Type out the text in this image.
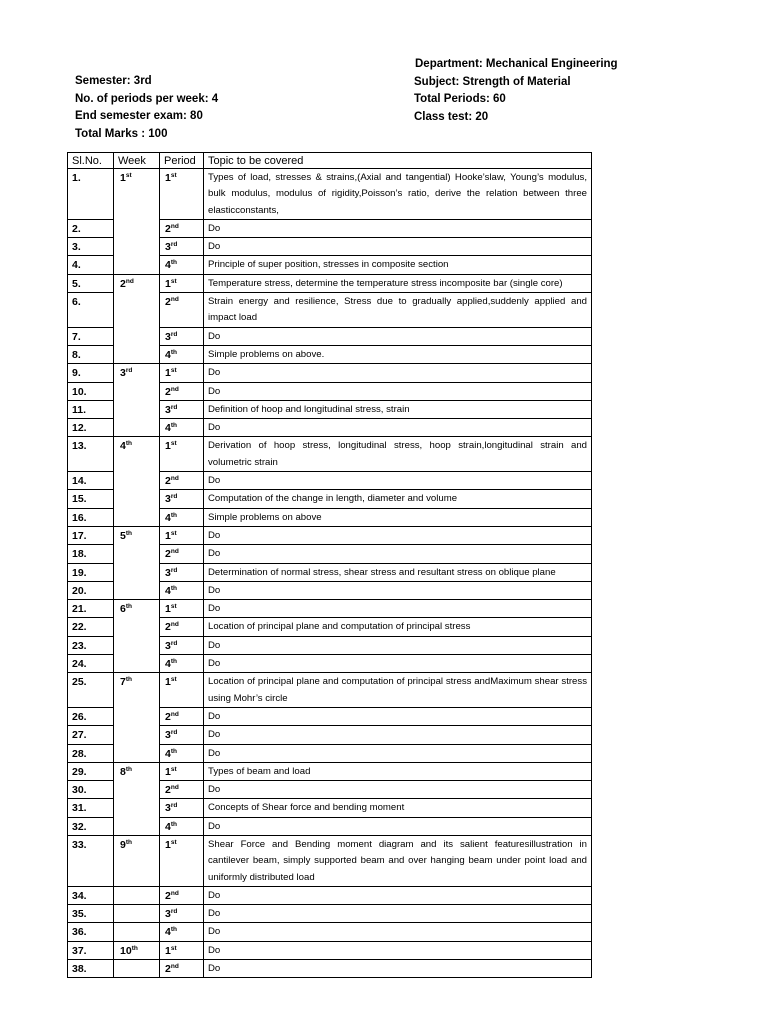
Department: Mechanical Engineering
Subject: Strength of Material
Total Periods: 60
Class test: 20
Semester: 3rd
No. of periods per week: 4
End semester exam: 80
Total Marks : 100
Sl.No.	Week	Period	Topic to be covered
1.	1st	1st	Types of load, stresses & strains,(Axial and tangential) Hooke’slaw, Young’s modulus, bulk modulus, modulus of rigidity,Poisson’s ratio, derive the relation between three elasticconstants,
2.		2nd	Do
3.		3rd	Do
4.		4th	Principle of super position, stresses in composite section
5.	2nd	1st	Temperature stress, determine the temperature stress incomposite bar (single core)
6.		2nd	Strain energy and resilience, Stress due to gradually applied,suddenly applied and impact load
7.		3rd	Do
8.		4th	Simple problems on above.
9.	3rd	1st	Do
10.		2nd	Do
11.		3rd	Definition of hoop and longitudinal stress, strain
12.		4th	Do
13.	4th	1st	Derivation of hoop stress, longitudinal stress, hoop strain,longitudinal strain and volumetric strain
14.		2nd	Do
15.		3rd	Computation of the change in length, diameter and volume
16.		4th	Simple problems on above
17.	5th	1st	Do
18.		2nd	Do
19.		3rd	Determination of normal stress, shear stress and resultant stress on oblique plane
20.		4th	Do
21.	6th	1st	Do
22.		2nd	Location of principal plane and computation of principal stress
23.		3rd	Do
24.		4th	Do
25.	7th	1st	Location of principal plane and computation of principal stress andMaximum shear stress using Mohr’s circle
26.		2nd	Do
27.		3rd	Do
28.		4th	Do
29.	8th	1st	Types of beam and load
30.		2nd	Do
31.		3rd	Concepts of Shear force and bending moment
32.		4th	Do
33.	9th	1st	Shear Force and Bending moment diagram and its salient featuresillustration in cantilever beam, simply supported beam and over hanging beam under point load and uniformly distributed load
34.		2nd	Do
35.		3rd	Do
36.		4th	Do
37.	10th	1st	Do
38.		2nd	Do
